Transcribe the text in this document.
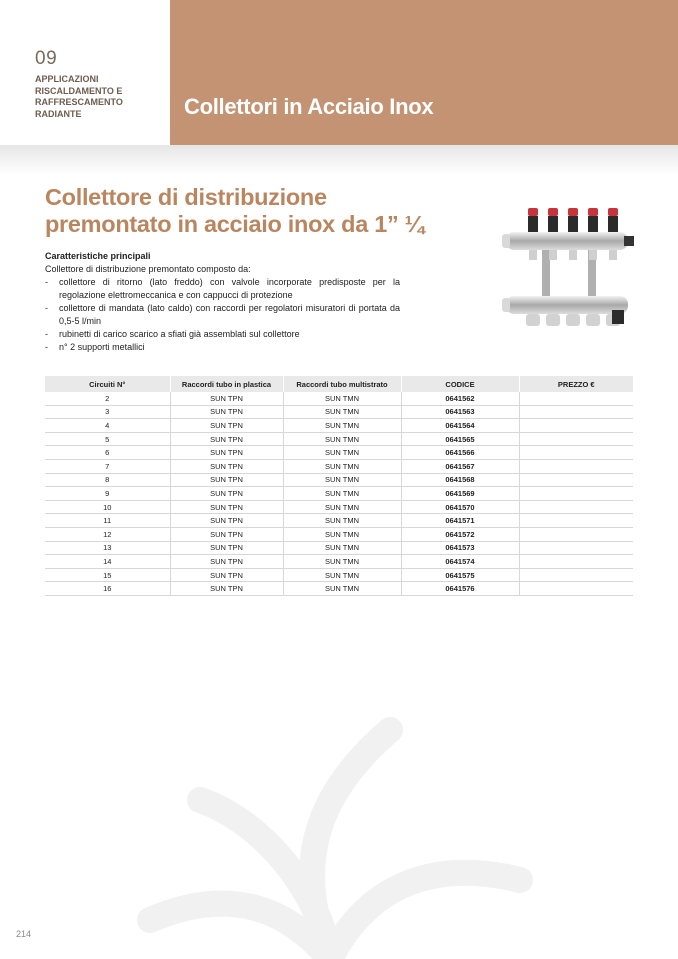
09
APPLICAZIONI RISCALDAMENTO E RAFFRESCAMENTO RADIANTE	Collettori in Acciaio Inox
Collettore di distribuzione
premontato in acciaio inox da 1” ¼
Caratteristiche principali
Collettore di distribuzione premontato composto da:
- collettore di ritorno (lato freddo) con valvole incorporate predisposte per la regolazione elettromeccanica e con cappucci di protezione
- collettore di mandata (lato caldo) con raccordi per regolatori misuratori di portata da 0,5-5 l/min
- rubinetti di carico scarico a sfiati già assemblati sul collettore
- n° 2 supporti metallici
Circuiti N°	Raccordi tubo in plastica	Raccordi tubo multistrato	CODICE	PREZZO €
2	SUN TPN	SUN TMN	0641562	
3	SUN TPN	SUN TMN	0641563	
4	SUN TPN	SUN TMN	0641564	
5	SUN TPN	SUN TMN	0641565	
6	SUN TPN	SUN TMN	0641566	
7	SUN TPN	SUN TMN	0641567	
8	SUN TPN	SUN TMN	0641568	
9	SUN TPN	SUN TMN	0641569	
10	SUN TPN	SUN TMN	0641570	
11	SUN TPN	SUN TMN	0641571	
12	SUN TPN	SUN TMN	0641572	
13	SUN TPN	SUN TMN	0641573	
14	SUN TPN	SUN TMN	0641574	
15	SUN TPN	SUN TMN	0641575	
16	SUN TPN	SUN TMN	0641576	
214
